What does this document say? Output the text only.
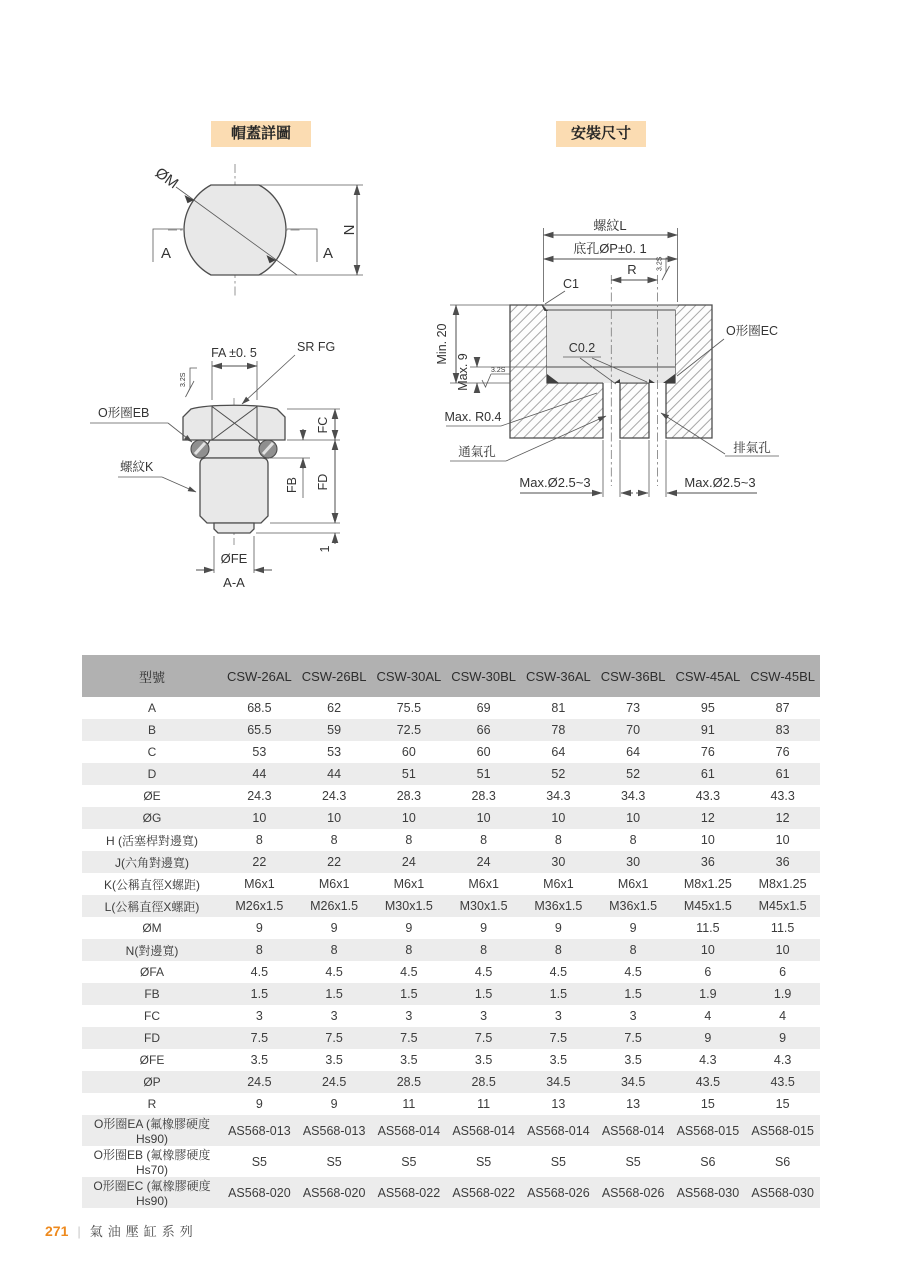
帽蓋詳圖	安裝尺寸
ØM
A	A
N
FA ±0. 5	SR FG
3.2S
O形圈EB
螺紋K
FC
FB FD
1
ØFE
A-A
螺紋L
底孔ØP±0. 1
R	3.2S
C1
C0.2
O形圈EC
Min. 20
Max. 9	3.2S
Max. R0.4
通氣孔	排氣孔
Max.Ø2.5~3	Max.Ø2.5~3
型號	CSW-26AL	CSW-26BL	CSW-30AL	CSW-30BL	CSW-36AL	CSW-36BL	CSW-45AL	CSW-45BL
A	68.5	62	75.5	69	81	73	95	87
B	65.5	59	72.5	66	78	70	91	83
C	53	53	60	60	64	64	76	76
D	44	44	51	51	52	52	61	61
ØE	24.3	24.3	28.3	28.3	34.3	34.3	43.3	43.3
ØG	10	10	10	10	10	10	12	12
H (活塞桿對邊寬)	8	8	8	8	8	8	10	10
J(六角對邊寬)	22	22	24	24	30	30	36	36
K(公稱直徑X螺距)	M6x1	M6x1	M6x1	M6x1	M6x1	M6x1	M8x1.25	M8x1.25
L(公稱直徑X螺距)	M26x1.5	M26x1.5	M30x1.5	M30x1.5	M36x1.5	M36x1.5	M45x1.5	M45x1.5
ØM	9	9	9	9	9	9	11.5	11.5
N(對邊寬)	8	8	8	8	8	8	10	10
ØFA	4.5	4.5	4.5	4.5	4.5	4.5	6	6
FB	1.5	1.5	1.5	1.5	1.5	1.5	1.9	1.9
FC	3	3	3	3	3	3	4	4
FD	7.5	7.5	7.5	7.5	7.5	7.5	9	9
ØFE	3.5	3.5	3.5	3.5	3.5	3.5	4.3	4.3
ØP	24.5	24.5	28.5	28.5	34.5	34.5	43.5	43.5
R	9	9	11	11	13	13	15	15
O形圈EA (氟橡膠硬度Hs90)	AS568-013	AS568-013	AS568-014	AS568-014	AS568-014	AS568-014	AS568-015	AS568-015
O形圈EB (氟橡膠硬度Hs70)	S5	S5	S5	S5	S5	S5	S6	S6
O形圈EC (氟橡膠硬度Hs90)	AS568-020	AS568-020	AS568-022	AS568-022	AS568-026	AS568-026	AS568-030	AS568-030
271 | 氣油壓缸系列
